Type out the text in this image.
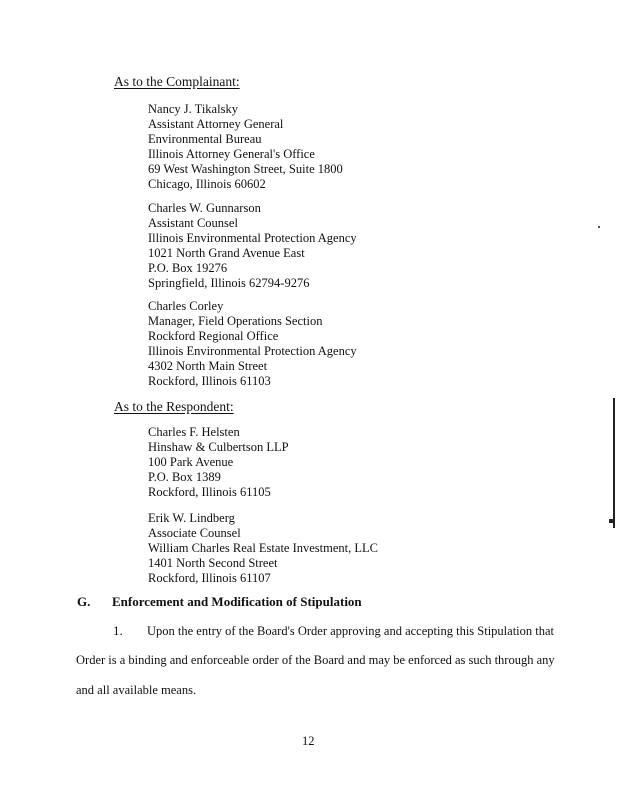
As to the Complainant:
Nancy J. Tikalsky
Assistant Attorney General
Environmental Bureau
Illinois Attorney General's Office
69 West Washington Street, Suite 1800
Chicago, Illinois 60602
Charles W. Gunnarson
Assistant Counsel
Illinois Environmental Protection Agency
1021 North Grand Avenue East
P.O. Box 19276
Springfield, Illinois 62794-9276
Charles Corley
Manager, Field Operations Section
Rockford Regional Office
Illinois Environmental Protection Agency
4302 North Main Street
Rockford, Illinois 61103
As to the Respondent:
Charles F. Helsten
Hinshaw & Culbertson LLP
100 Park Avenue
P.O. Box 1389
Rockford, Illinois 61105
Erik W. Lindberg
Associate Counsel
William Charles Real Estate Investment, LLC
1401 North Second Street
Rockford, Illinois 61107
G. Enforcement and Modification of Stipulation
1. Upon the entry of the Board's Order approving and accepting this Stipulation that
Order is a binding and enforceable order of the Board and may be enforced as such through any
and all available means.
12
